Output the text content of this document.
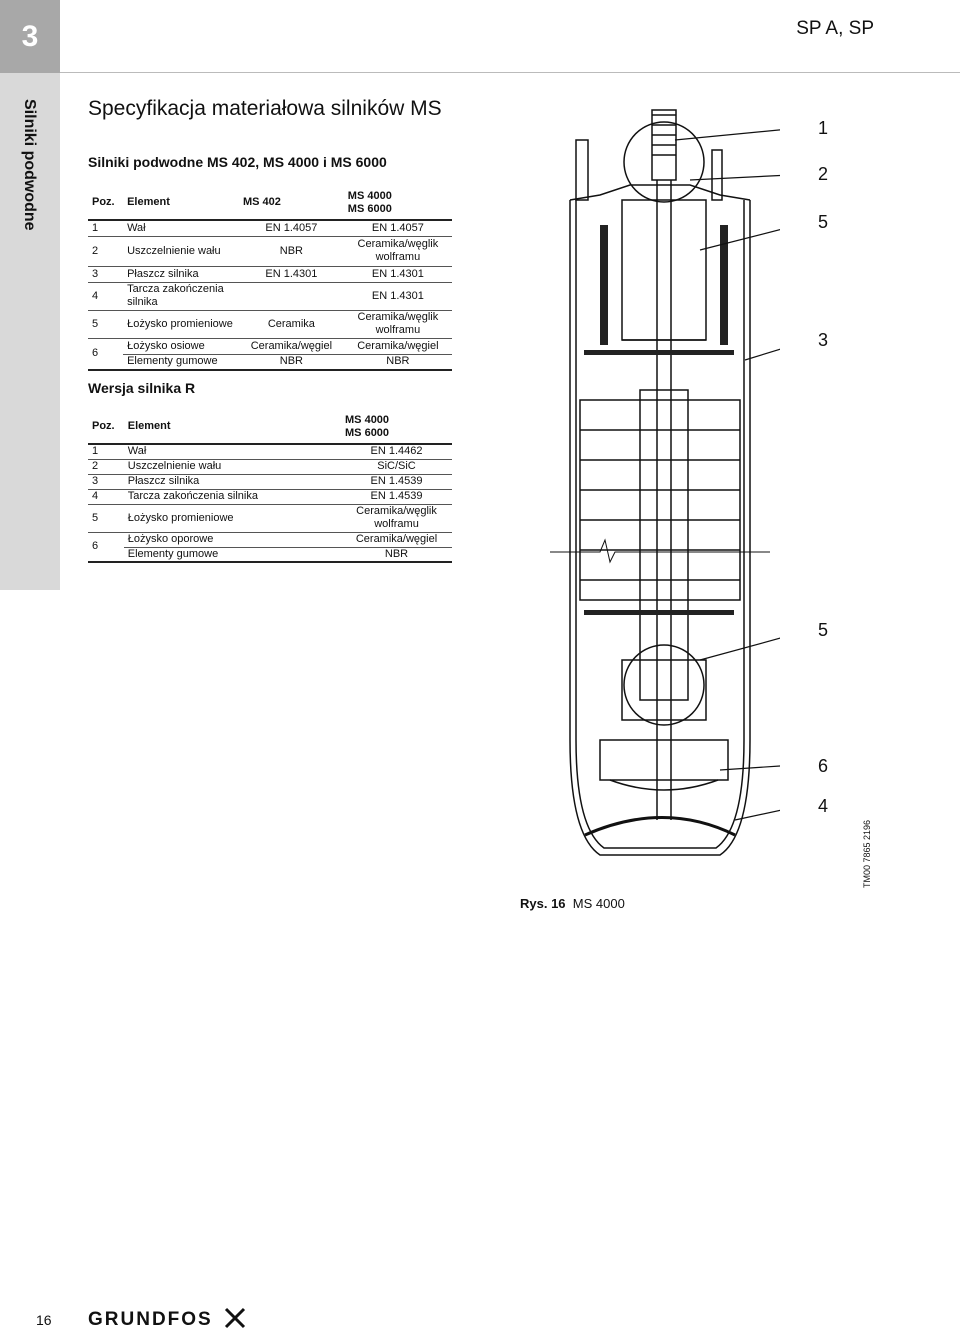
3	SP A, SP
Silniki podwodne Specyfikacja materiałowa silników MS
Silniki podwodne MS 402, MS 4000 i MS 6000
Poz.	Element	MS 402	MS 4000
MS 6000
1	Wał	EN 1.4057	EN 1.4057
2	Uszczelnienie wału	NBR	Ceramika/węglik wolframu
3	Płaszcz silnika	EN 1.4301	EN 1.4301
4	Tarcza zakończenia silnika		EN 1.4301
5	Łożysko promieniowe	Ceramika	Ceramika/węglik wolframu
6	Łożysko osiowe	Ceramika/węgiel	Ceramika/węgiel
	Elementy gumowe	NBR	NBR
Wersja silnika R
Poz.	Element	MS 4000
MS 6000
1	Wał	EN 1.4462
2	Uszczelnienie wału	SiC/SiC
3	Płaszcz silnika	EN 1.4539
4	Tarcza zakończenia silnika	EN 1.4539
5	Łożysko promieniowe	Ceramika/węglik wolframu
6	Łożysko oporowe	Ceramika/węgiel
	Elementy gumowe	NBR
1
2
5
3
5
6
4
Rys. 16 MS 4000
TM00 7865 2196
16 GRUNDFOS
